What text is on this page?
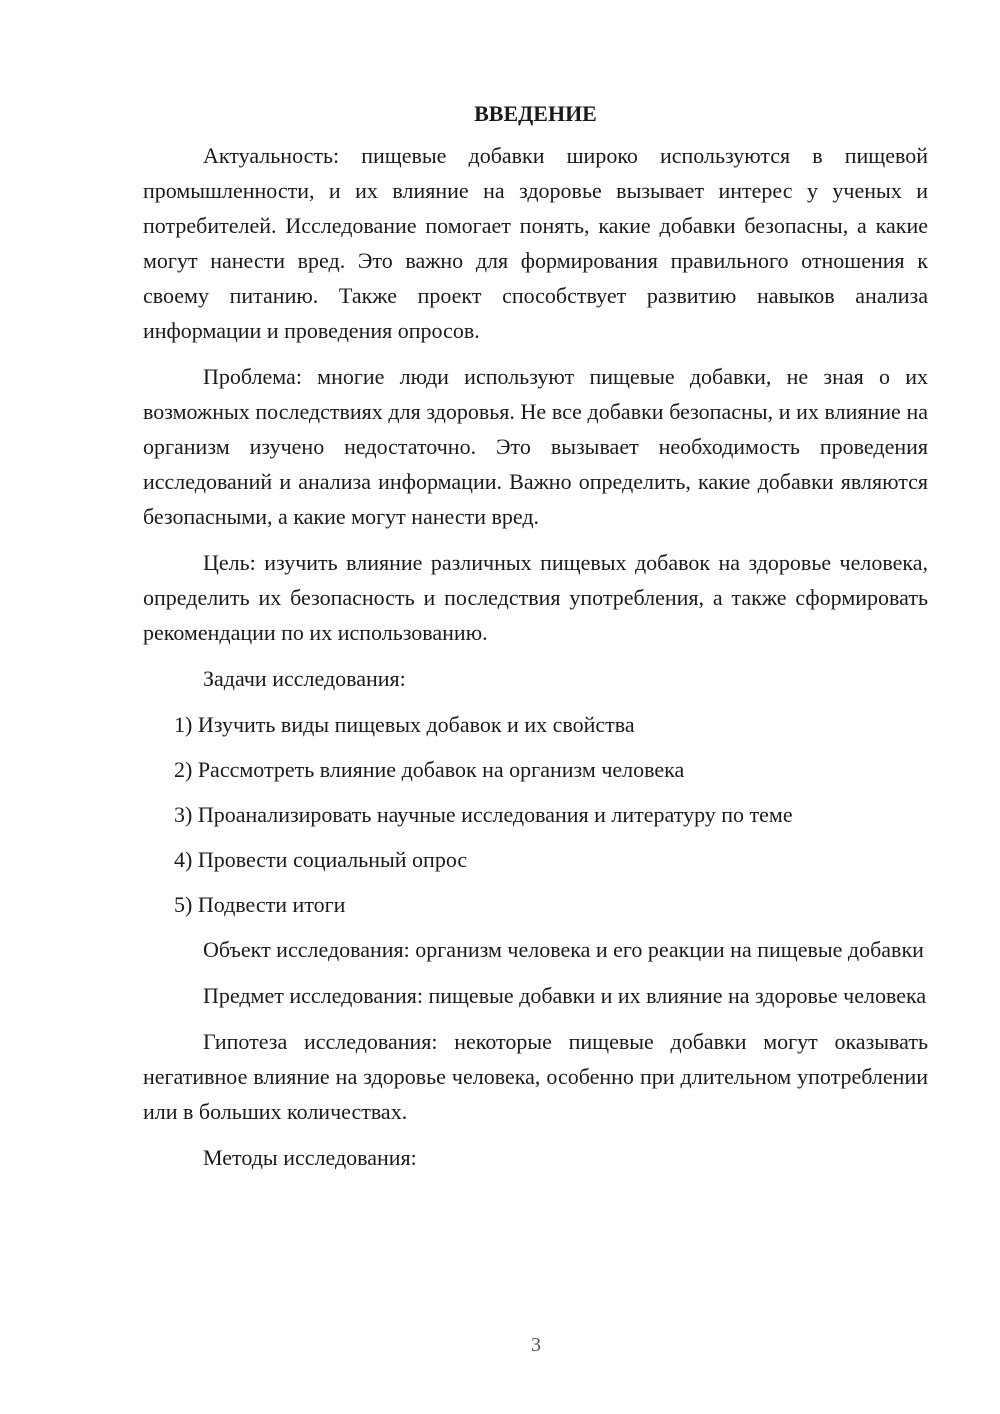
ВВЕДЕНИЕ

Актуальность: пищевые добавки широко используются в пищевой промышленности, и их влияние на здоровье вызывает интерес у ученых и потребителей. Исследование помогает понять, какие добавки безопасны, а какие могут нанести вред. Это важно для формирования правильного отношения к своему питанию. Также проект способствует развитию навыков анализа информации и проведения опросов.

Проблема: многие люди используют пищевые добавки, не зная о их возможных последствиях для здоровья. Не все добавки безопасны, и их влияние на организм изучено недостаточно. Это вызывает необходимость проведения исследований и анализа информации. Важно определить, какие добавки являются безопасными, а какие могут нанести вред.

Цель: изучить влияние различных пищевых добавок на здоровье человека, определить их безопасность и последствия употребления, а также сформировать рекомендации по их использованию.

Задачи исследования:

1) Изучить виды пищевых добавок и их свойства
2) Рассмотреть влияние добавок на организм человека
3) Проанализировать научные исследования и литературу по теме
4) Провести социальный опрос
5) Подвести итоги

Объект исследования: организм человека и его реакции на пищевые добавки

Предмет исследования: пищевые добавки и их влияние на здоровье человека

Гипотеза исследования: некоторые пищевые добавки могут оказывать негативное влияние на здоровье человека, особенно при длительном употреблении или в больших количествах.

Методы исследования:

3
